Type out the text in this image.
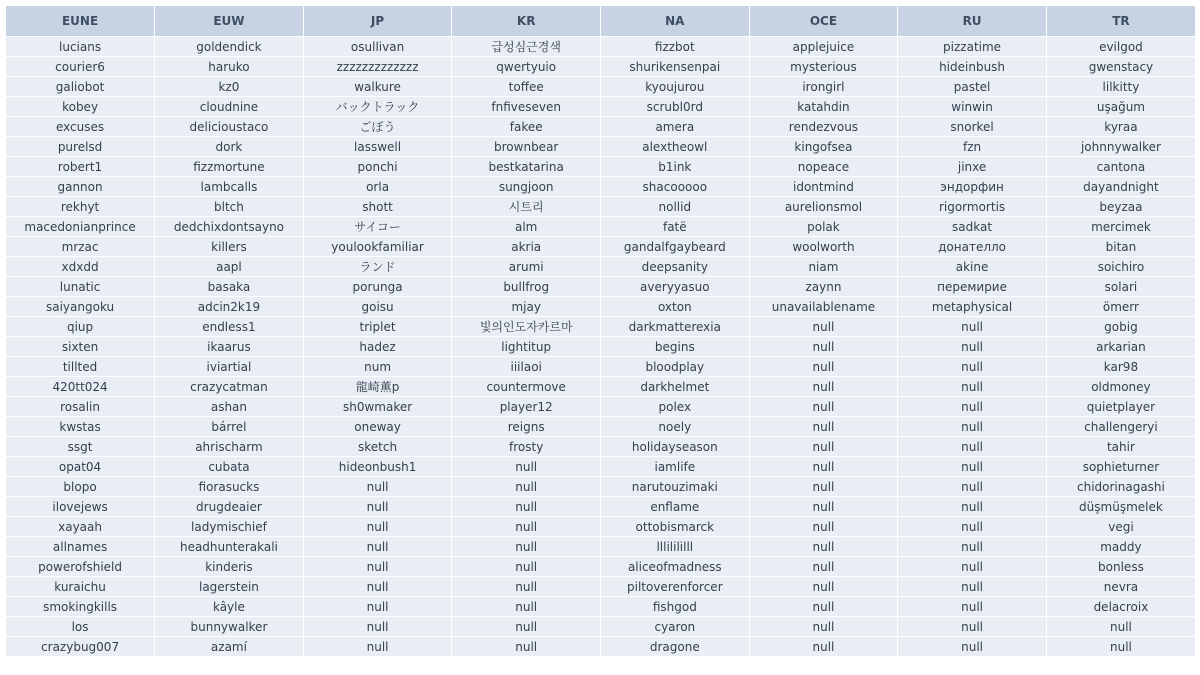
EUNE	EUW	JP	KR	NA	OCE	RU	TR
lucians	goldendick	osullivan	급성심근경색	fizzbot	applejuice	pizzatime	evilgod
courier6	haruko	zzzzzzzzzzzzz	qwertyuio	shurikensenpai	mysterious	hideinbush	gwenstacy
galiobot	kz0	walkure	toffee	kyoujurou	irongirl	pastel	lilkitty
kobey	cloudnine	バックトラック	fnfiveseven	scrubl0rd	katahdin	winwin	uşağum
excuses	delicioustaco	ごぼう	fakee	amera	rendezvous	snorkel	kyraa
purelsd	dork	lasswell	brownbear	alextheowl	kingofsea	fzn	johnnywalker
robert1	fizzmortune	ponchi	bestkatarina	b1ink	nopeace	jinxe	cantona
gannon	lambcalls	orla	sungjoon	shacooooo	idontmind	эндорфин	dayandnight
rekhyt	bltch	shott	시트리	nollid	aurelionsmol	rigormortis	beyzaa
macedonianprince	dedchixdontsayno	サイコー	alm	fatë	polak	sadkat	mercimek
mrzac	killers	youlookfamiliar	akria	gandalfgaybeard	woolworth	донателло	bitan
xdxdd	aapl	ランド	arumi	deepsanity	niam	akine	soichiro
lunatic	basaka	porunga	bullfrog	averyyasuo	zaynn	перемирие	solari
saiyangoku	adcin2k19	goisu	mjay	oxton	unavailablename	metaphysical	ömerr
qiup	endless1	triplet	빛의인도자카르마	darkmatterexia	null	null	gobig
sixten	ikaarus	hadez	lightitup	begins	null	null	arkarian
tillted	iviartial	num	iiilaoi	bloodplay	null	null	kar98
420tt024	crazycatman	龍崎薫p	countermove	darkhelmet	null	null	oldmoney
rosalin	ashan	sh0wmaker	player12	polex	null	null	quietplayer
kwstas	bárrel	oneway	reigns	noely	null	null	challengeryi
ssgt	ahrischarm	sketch	frosty	holidayseason	null	null	tahir
opat04	cubata	hideonbush1	null	iamlife	null	null	sophieturner
blopo	fiorasucks	null	null	narutouzimaki	null	null	chidorinagashi
ilovejews	drugdeaier	null	null	enflame	null	null	düşmüşmelek
xayaah	ladymischief	null	null	ottobismarck	null	null	vegi
allnames	headhunterakali	null	null	lllilililll	null	null	maddy
powerofshield	kinderis	null	null	aliceofmadness	null	null	bonless
kuraichu	lagerstein	null	null	piltoverenforcer	null	null	nevra
smokingkills	kâyle	null	null	fishgod	null	null	delacroix
los	bunnywalker	null	null	cyaron	null	null	null
crazybug007	azamí	null	null	dragone	null	null	null
